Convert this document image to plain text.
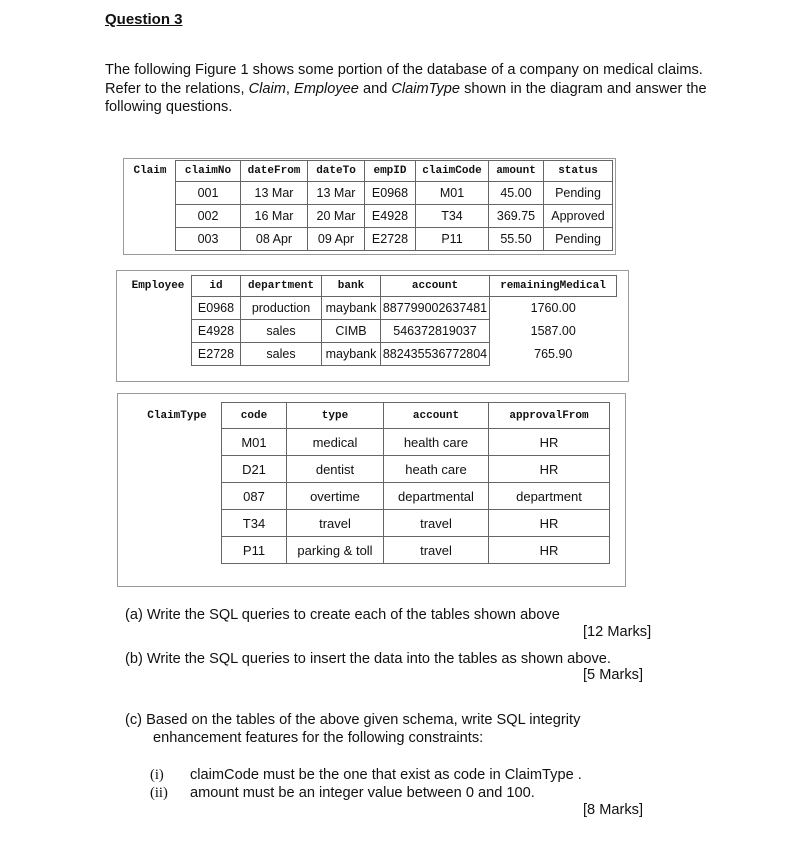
Question 3
The following Figure 1 shows some portion of the database of a company on medical claims. Refer to the relations, Claim, Employee and ClaimType shown in the diagram and answer the following questions.
Claim	claimNo	dateFrom	dateTo	empID	claimCode	amount	status
	001	13 Mar	13 Mar	E0968	M01	45.00	Pending
	002	16 Mar	20 Mar	E4928	T34	369.75	Approved
	003	08 Apr	09 Apr	E2728	P11	55.50	Pending
Employee	id	department	bank	account	remainingMedical
	E0968	production	maybank	887799002637481	1760.00
	E4928	sales	CIMB	546372819037	1587.00
	E2728	sales	maybank	882435536772804	765.90
ClaimType	code	type	account	approvalFrom
	M01	medical	health care	HR
	D21	dentist	heath care	HR
	087	overtime	departmental	department
	T34	travel	travel	HR
	P11	parking & toll	travel	HR
(a) Write the SQL queries to create each of the tables shown above
[12 Marks]
(b) Write the SQL queries to insert the data into the tables as shown above.
[5 Marks]
(c) Based on the tables of the above given schema, write SQL integrity
enhancement features for the following constraints:
(i) claimCode must be the one that exist as code in ClaimType .
(ii) amount must be an integer value between 0 and 100.
[8 Marks]
